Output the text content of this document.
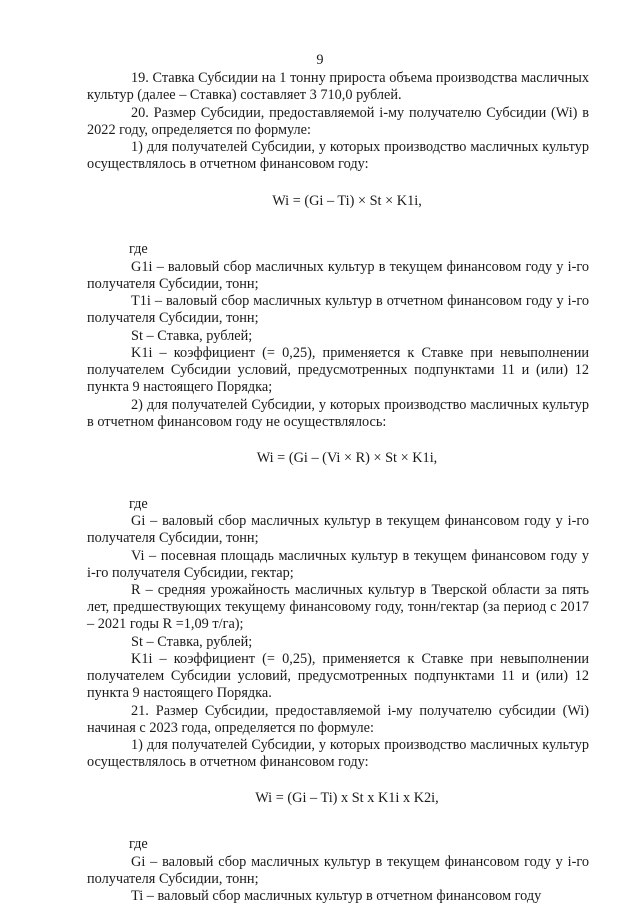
9

19. Ставка Субсидии на 1 тонну прироста объема производства масличных культур (далее – Ставка) составляет 3 710,0 рублей.

20. Размер Субсидии, предоставляемой i-му получателю Субсидии (Wi) в 2022 году, определяется по формуле:

1) для получателей Субсидии, у которых производство масличных культур осуществлялось в отчетном финансовом году:

Wi = (Gi – Ti) × St × K1i,

где

G1i – валовый сбор масличных культур в текущем финансовом году у i-го получателя Субсидии, тонн;

T1i – валовый сбор масличных культур в отчетном финансовом году у i-го получателя Субсидии, тонн;

St – Ставка, рублей;

K1i – коэффициент (= 0,25), применяется к Ставке при невыполнении получателем Субсидии условий, предусмотренных подпунктами 11 и (или) 12 пункта 9 настоящего Порядка;

2) для получателей Субсидии, у которых производство масличных культур в отчетном финансовом году не осуществлялось:

Wi = (Gi – (Vi × R) × St × K1i,

где

Gi – валовый сбор масличных культур в текущем финансовом году у i-го получателя Субсидии, тонн;

Vi – посевная площадь масличных культур в текущем финансовом году у i-го получателя Субсидии, гектар;

R – средняя урожайность масличных культур в Тверской области за пять лет, предшествующих текущему финансовому году, тонн/гектар (за период с 2017 – 2021 годы R =1,09 т/га);

St – Ставка, рублей;

K1i – коэффициент (= 0,25), применяется к Ставке при невыполнении получателем Субсидии условий, предусмотренных подпунктами 11 и (или) 12 пункта 9 настоящего Порядка.

21. Размер Субсидии, предоставляемой i-му получателю субсидии (Wi) начиная с 2023 года, определяется по формуле:

1) для получателей Субсидии, у которых производство масличных культур осуществлялось в отчетном финансовом году:

Wi = (Gi – Ti) x St x K1i x K2i,

где

Gi – валовый сбор масличных культур в текущем финансовом году у i-го получателя Субсидии, тонн;

Ti – валовый сбор масличных культур в отчетном финансовом году
